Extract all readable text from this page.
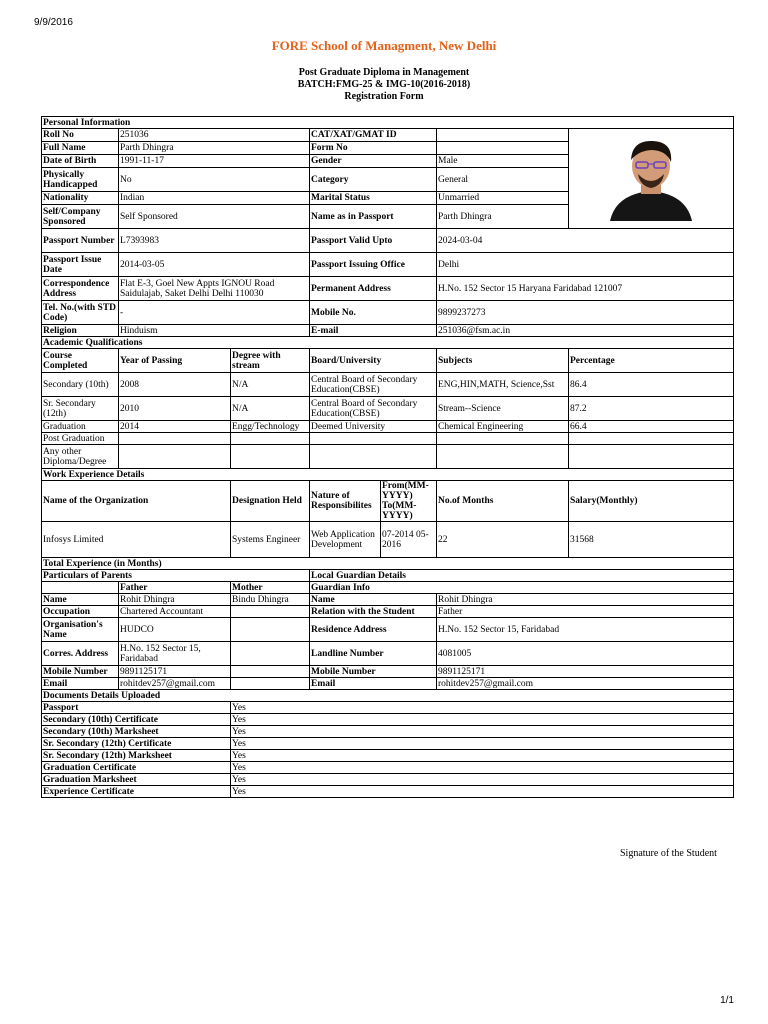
9/9/2016
FORE School of Managment, New Delhi
Post Graduate Diploma in Management
BATCH:FMG-25 & IMG-10(2016-2018)
Registration Form
Personal Information						
Roll No	251036		CAT/XAT/GMAT ID		

Full Name	Parth Dhingra		Form No			
Date of Birth	1991-11-17		Gender		Male	
Physically Handicapped	No		Category		General	
Nationality	Indian		Marital Status		Unmarried	
Self/Company Sponsored	Self Sponsored		Name as in Passport		Parth Dhingra	
Passport Number	L7393983		Passport Valid Upto		2024-03-04	
Passport Issue Date	2014-03-05		Passport Issuing Office		Delhi	
Correspondence Address	Flat E-3, Goel New Appts IGNOU Road Saidulajab, Saket Delhi Delhi 110030		Permanent Address		H.No. 152 Sector 15 Haryana Faridabad 121007	
Tel. No.(with STD Code)	-		Mobile No.		9899237273	
Religion	Hinduism		E-mail		251036@fsm.ac.in	
Academic Qualifications						
Course Completed	Year of Passing	Degree with stream	Board/University		Subjects	Percentage
Secondary (10th)	2008	N/A	Central Board of Secondary Education(CBSE)		ENG,HIN,MATH, Science,Sst	86.4
Sr. Secondary (12th)	2010	N/A	Central Board of Secondary Education(CBSE)		Stream--Science	87.2
Graduation	2014	Engg/Technology	Deemed University		Chemical Engineering	66.4
Post Graduation						
Any other Diploma/Degree						
Work Experience Details						
Name of the Organization		Designation Held	Nature of Responsibilites	From(MM-YYYY) To(MM-YYYY)	No.of Months	Salary(Monthly)
Infosys Limited		Systems Engineer	Web Application Development	07-2014 05-2016	22	31568
Total Experience (in Months)						
Particulars of Parents			Local Guardian Details			
	Father	Mother	Guardian Info			
Name	Rohit Dhingra	Bindu Dhingra	Name		Rohit Dhingra	
Occupation	Chartered Accountant		Relation with the Student		Father	
Organisation's Name	HUDCO		Residence Address		H.No. 152 Sector 15, Faridabad	
Corres. Address	H.No. 152 Sector 15, Faridabad		Landline Number		4081005	
Mobile Number	9891125171		Mobile Number		9891125171	
Email	rohitdev257@gmail.com		Email		rohitdev257@gmail.com	
Documents Details Uploaded						
Passport		Yes				
Secondary (10th) Certificate		Yes				
Secondary (10th) Marksheet		Yes				
Sr. Secondary (12th) Certificate		Yes				
Sr. Secondary (12th) Marksheet		Yes				
Graduation Certificate		Yes				
Graduation Marksheet		Yes				
Experience Certificate		Yes				
Signature of the Student
1/1
